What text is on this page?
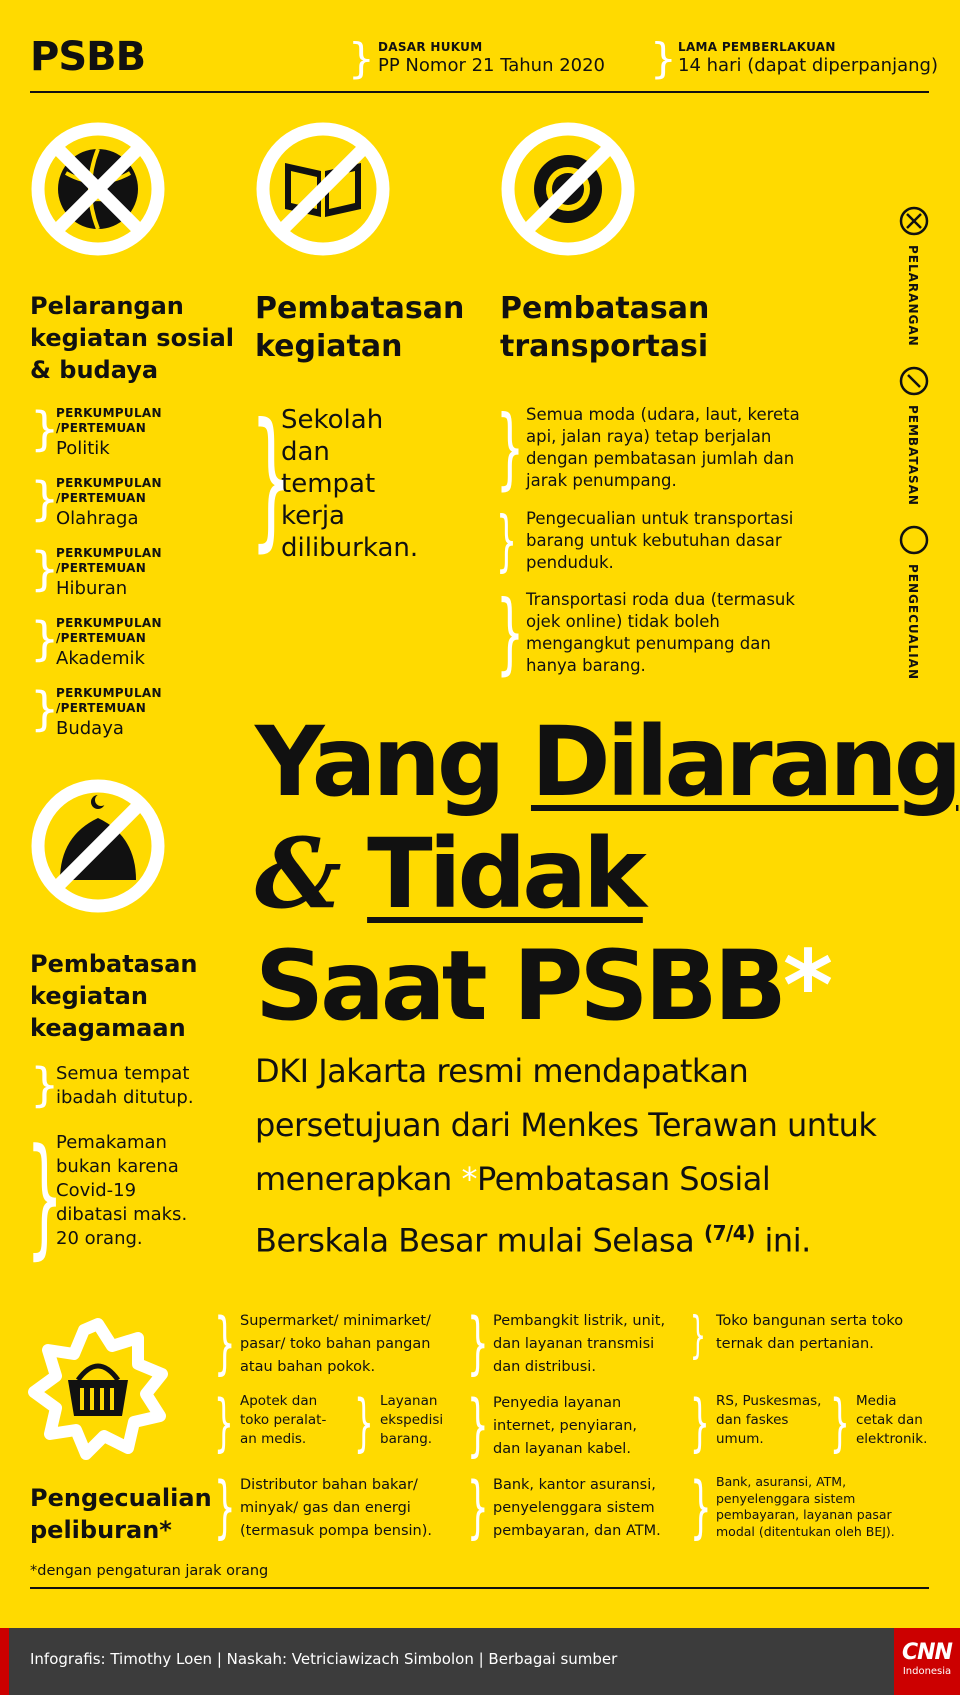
PSBB	} DASAR HUKUM
PP Nomor 21 Tahun 2020 } LAMA PEMBERLAKUAN
14 hari (dapat diperpanjang)
PELARANGAN
PEMBATASAN
PENGECUALIAN
Pelarangan
kegiatan sosial
& budaya
}
PERKUMPULAN
/PERTEMUAN
Politik
}
PERKUMPULAN
/PERTEMUAN
Olahraga
}
PERKUMPULAN
/PERTEMUAN
Hiburan
}
PERKUMPULAN
/PERTEMUAN
Akademik
}
PERKUMPULAN
/PERTEMUAN
Budaya
Pembatasan
kegiatan
}
Sekolah
dan
tempat
kerja
diliburkan.
Pembatasan
transportasi
} Semua moda (udara, laut, kereta
api, jalan raya) tetap berjalan
dengan pembatasan jumlah dan
jarak penumpang.
} Pengecualian untuk transportasi
barang untuk kebutuhan dasar
penduduk.
} Transportasi roda dua (termasuk
ojek online) tidak boleh
mengangkut penumpang dan
hanya barang.
Pembatasan
kegiatan
keagamaan
}
Semua tempat
ibadah ditutup.
}
Pemakaman
bukan karena
Covid-19
dibatasi maks.
20 orang.
Yang Dilarang
& Tidak
Saat PSBB*
DKI Jakarta resmi mendapatkan
persetujuan dari Menkes Terawan untuk
menerapkan *Pembatasan Sosial
Berskala Besar mulai Selasa $^{(7/4)}$ ini.
Pengecualian
peliburan*
} Supermarket/ minimarket/
pasar/ toko bahan pangan
atau bahan pokok.
} Apotek dan
toko peralat-
an medis. } Layanan
ekspedisi
barang.
} Distributor bahan bakar/
minyak/ gas dan energi
(termasuk pompa bensin).
} Pembangkit listrik, unit,
dan layanan transmisi
dan distribusi.
} Penyedia layanan
internet, penyiaran,
dan layanan kabel.
} Bank, kantor asuransi,
penyelenggara sistem
pembayaran, dan ATM.
} Toko bangunan serta toko
ternak dan pertanian.
} RS, Puskesmas,
dan faskes
umum.	} Media
cetak dan
elektronik.
} Bank, asuransi, ATM,
penyelenggara sistem
pembayaran, layanan pasar
modal (ditentukan oleh BEJ).
*dengan pengaturan jarak orang
Infografis: Timothy Loen | Naskah: Vetriciawizach Simbolon | Berbagai sumber	CNN
Indonesia
